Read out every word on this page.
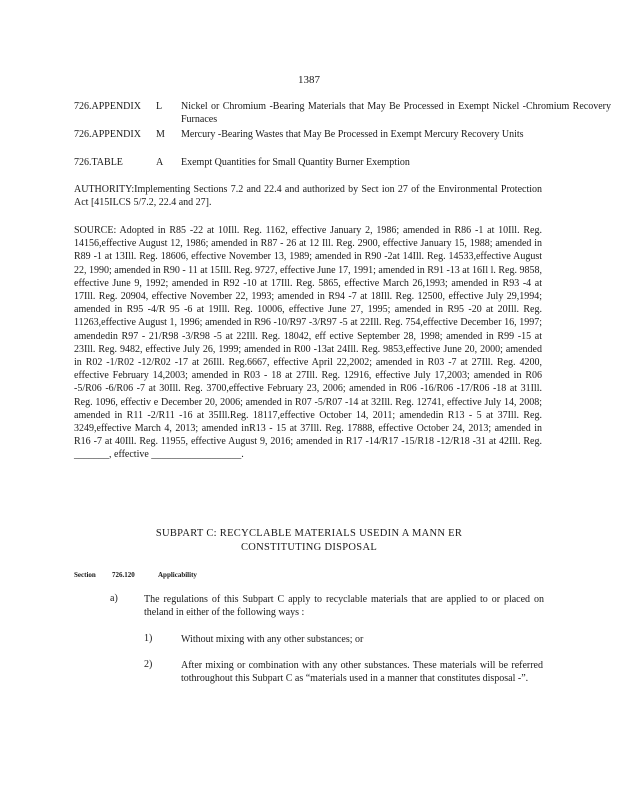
1387
726.APPENDIX L Nickel or Chromium -Bearing Materials that May Be Processed in Exempt Nickel -Chromium Recovery Furnaces
726.APPENDIX M Mercury -Bearing Wastes that May Be Processed in Exempt Mercury Recovery Units
726.TABLE	A Exempt Quantities for Small Quantity Burner Exemption
AUTHORITY:Implementing Sections 7.2 and 22.4 and authorized by Sect ion 27 of the Environmental Protection Act [415ILCS 5/7.2, 22.4 and 27].
SOURCE: Adopted in R85 -22 at 10Ill. Reg. 1162, effective January 2, 1986; amended in R86 -1 at 10Ill. Reg. 14156,effective August 12, 1986; amended in R87 - 26 at 12 Ill. Reg. 2900, effective January 15, 1988; amended in R89 -1 at 13Ill. Reg. 18606, effective November 13, 1989; amended in R90 -2at 14Ill. Reg. 14533,effective August 22, 1990; amended in R90 - 11 at 15Ill. Reg. 9727, effective June 17, 1991; amended in R91 -13 at 16Il l. Reg. 9858, effective June 9, 1992; amended in R92 -10 at 17Ill. Reg. 5865, effective March 26,1993; amended in R93 -4 at 17Ill. Reg. 20904, effective November 22, 1993; amended in R94 -7 at 18Ill. Reg. 12500, effective July 29,1994; amended in R95 -4/R 95 -6 at 19Ill. Reg. 10006, effective June 27, 1995; amended in R95 -20 at 20Ill. Reg. 11263,effective August 1, 1996; amended in R96 -10/R97 -3/R97 -5 at 22Ill. Reg. 754,effective December 16, 1997; amendedin R97 - 21/R98 -3/R98 -5 at 22Ill. Reg. 18042, eff ective September 28, 1998; amended in R99 -15 at 23Ill. Reg. 9482, effective July 26, 1999; amended in R00 -13at 24Ill. Reg. 9853,effective June 20, 2000; amended in R02 -1/R02 -12/R02 -17 at 26Ill. Reg.6667, effective April 22,2002; amended in R03 -7 at 27Ill. Reg. 4200, effective February 14,2003; amended in R03 - 18 at 27Ill. Reg. 12916, effective July 17,2003; amended in R06 -5/R06 -6/R06 -7 at 30Ill. Reg. 3700,effective February 23, 2006; amended in R06 -16/R06 -17/R06 -18 at 31Ill. Reg. 1096, effectiv e December 20, 2006; amended in R07 -5/R07 -14 at 32Ill. Reg. 12741, effective July 14, 2008; amended in R11 -2/R11 -16 at 35Ill.Reg. 18117,effective October 14, 2011; amendedin R13 - 5 at 37Ill. Reg. 3249,effective March 4, 2013; amended inR13 - 15 at 37Ill. Reg. 17888, effective October 24, 2013; amended in R16 -7 at 40Ill. Reg. 11955, effective August 9, 2016; amended in R17 -14/R17 -15/R18 -12/R18 -31 at 42Ill. Reg. _______, effective __________________.
SUBPART C: RECYCLABLE MATERIALS USEDIN A MANN ER
CONSTITUTING DISPOSAL
Section 726.120	Applicability
a)	The regulations of this Subpart C apply to recyclable materials that are applied to or placed on theland in either of the following ways :
1)	Without mixing with any other substances; or
2)	After mixing or combination with any other substances. These materials will be referred tothroughout this Subpart C as “materials used in a manner that constitutes disposal -”.
